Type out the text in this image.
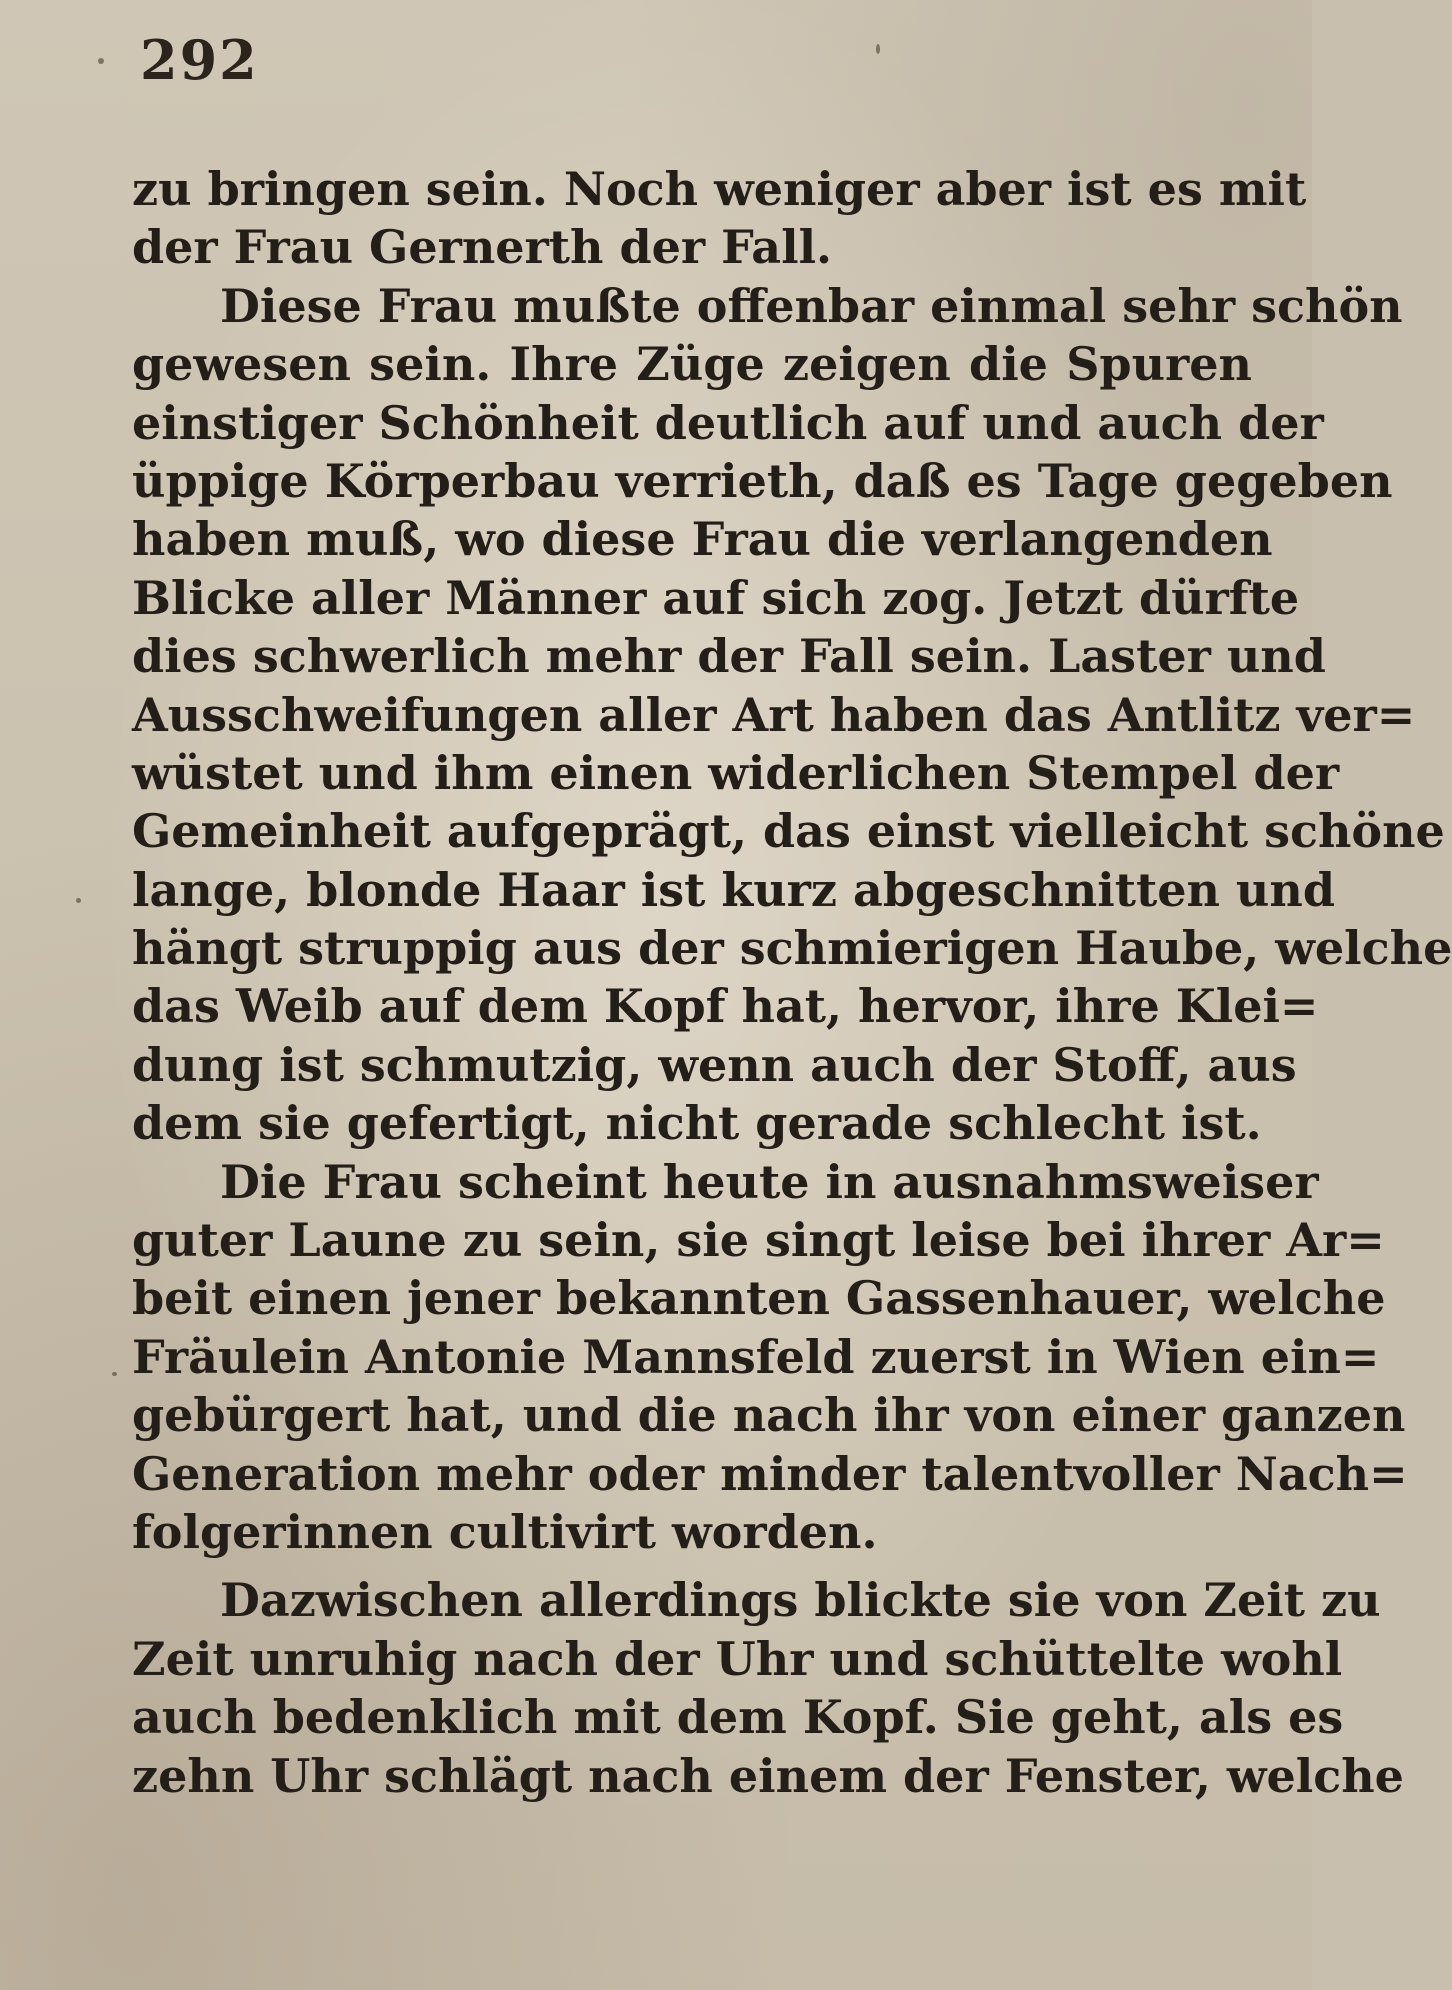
292
zu bringen sein. Noch weniger aber ist es mit
der Frau Gernerth der Fall.
Diese Frau mußte offenbar einmal sehr schön
gewesen sein. Ihre Züge zeigen die Spuren
einstiger Schönheit deutlich auf und auch der
üppige Körperbau verrieth, daß es Tage gegeben
haben muß, wo diese Frau die verlangenden
Blicke aller Männer auf sich zog. Jetzt dürfte
dies schwerlich mehr der Fall sein. Laster und
Ausschweifungen aller Art haben das Antlitz ver=
wüstet und ihm einen widerlichen Stempel der
Gemeinheit aufgeprägt, das einst vielleicht schöne
lange, blonde Haar ist kurz abgeschnitten und
hängt struppig aus der schmierigen Haube, welche
das Weib auf dem Kopf hat, hervor, ihre Klei=
dung ist schmutzig, wenn auch der Stoff, aus
dem sie gefertigt, nicht gerade schlecht ist.
Die Frau scheint heute in ausnahmsweiser
guter Laune zu sein, sie singt leise bei ihrer Ar=
beit einen jener bekannten Gassenhauer, welche
Fräulein Antonie Mannsfeld zuerst in Wien ein=
gebürgert hat, und die nach ihr von einer ganzen
Generation mehr oder minder talentvoller Nach=
folgerinnen cultivirt worden.
Dazwischen allerdings blickte sie von Zeit zu
Zeit unruhig nach der Uhr und schüttelte wohl
auch bedenklich mit dem Kopf. Sie geht, als es
zehn Uhr schlägt nach einem der Fenster, welche
